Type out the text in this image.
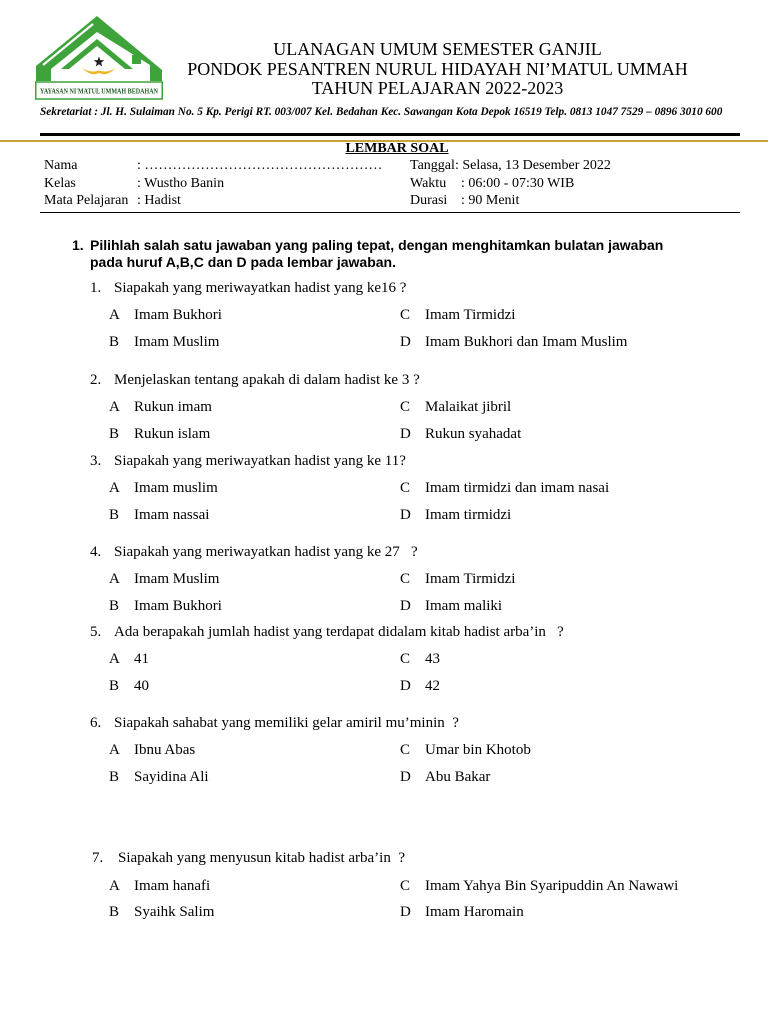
YAYASAN NI'MATUL UMMAH BEDAHAN
ULANAGAN UMUM SEMESTER GANJIL
PONDOK PESANTREN NURUL HIDAYAH NI’MATUL UMMAH
TAHUN PELAJARAN 2022-2023
Sekretariat : Jl. H. Sulaiman No. 5 Kp. Perigi RT. 003/007 Kel. Bedahan Kec. Sawangan Kota Depok 16519 Telp. 0813 1047 7529 – 0896 3010 600
LEMBAR SOAL
Nama	: ……………………………………………
Kelas	: Wustho Banin
Mata Pelajaran : Hadist
Tanggal : Selasa, 13 Desember 2022
Waktu : 06:00 - 07:30 WIB
Durasi : 90 Menit
1. Pilihlah salah satu jawaban yang paling tepat, dengan menghitamkan bulatan jawaban
pada huruf A,B,C dan D pada lembar jawaban.
1. Siapakah yang meriwayatkan hadist yang ke16 ?
A Imam Bukhori
B Imam Muslim
C Imam Tirmidzi
D Imam Bukhori dan Imam Muslim
2. Menjelaskan tentang apakah di dalam hadist ke 3 ?
A Rukun imam
B Rukun islam
C Malaikat jibril
D Rukun syahadat
3. Siapakah yang meriwayatkan hadist yang ke 11?
A Imam muslim
B Imam nassai
C Imam tirmidzi dan imam nasai
D Imam tirmidzi
4. Siapakah yang meriwayatkan hadist yang ke 27   ?
A Imam Muslim
B Imam Bukhori
C Imam Tirmidzi
D Imam maliki
5. Ada berapakah jumlah hadist yang terdapat didalam kitab hadist arba’in   ?
A 41
B 40
C 43
D 42
6. Siapakah sahabat yang memiliki gelar amiril mu’minin  ?
A Ibnu Abas
B Sayidina Ali
C Umar bin Khotob
D Abu Bakar
7. Siapakah yang menyusun kitab hadist arba’in  ?
A Imam hanafi
B Syaihk Salim
C Imam Yahya Bin Syaripuddin An Nawawi
D Imam Haromain
